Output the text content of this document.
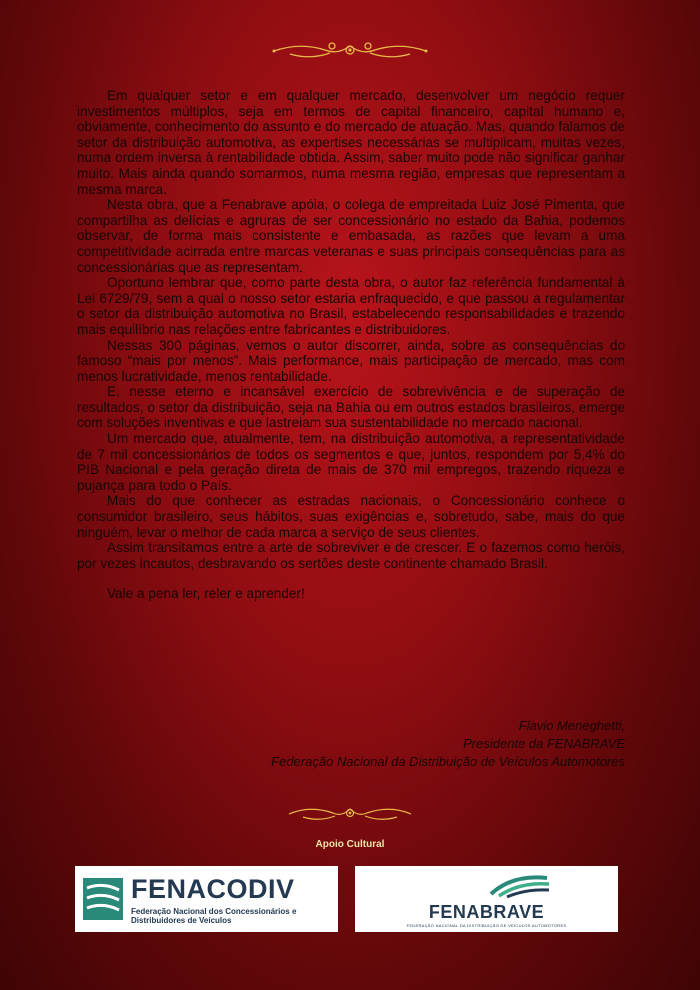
Em qualquer setor e em qualquer mercado, desenvolver um negócio requer investimentos múltiplos, seja em termos de capital financeiro, capital humano e, obviamente, conhecimento do assunto e do mercado de atuação. Mas, quando falamos de setor da distribuição automotiva, as expertises necessárias se multiplicam, muitas vezes, numa ordem inversa à rentabilidade obtida. Assim, saber muito pode não significar ganhar muito. Mais ainda quando somarmos, numa mesma região, empresas que representam a mesma marca.

Nesta obra, que a Fenabrave apóia, o colega de empreitada Luiz José Pimenta, que compartilha as delícias e agruras de ser concessionário no estado da Bahia, podemos observar, de forma mais consistente e embasada, as razões que levam a uma competitividade acirrada entre marcas veteranas e suas principais consequências para as concessionárias que as representam.

Oportuno lembrar que, como parte desta obra, o autor faz referência fundamental à Lei 6729/79, sem a qual o nosso setor estaria enfraquecido, e que passou a regulamentar o setor da distribuição automotiva no Brasil, estabelecendo responsabilidades e trazendo mais equilíbrio nas relações entre fabricantes e distribuidores.

Nessas 300 páginas, vemos o autor discorrer, ainda, sobre as consequências do famoso “mais por menos”. Mais performance, mais participação de mercado, mas com menos lucratividade, menos rentabilidade.

E, nesse eterno e incansável exercício de sobrevivência e de superação de resultados, o setor da distribuição, seja na Bahia ou em outros estados brasileiros, emerge com soluções inventivas e que lastreiam sua sustentabilidade no mercado nacional.

Um mercado que, atualmente, tem, na distribuição automotiva, a representatividade de 7 mil concessionários de todos os segmentos e que, juntos, respondem por 5,4% do PIB Nacional e pela geração direta de mais de 370 mil empregos, trazendo riqueza e pujança para todo o País.

Mais do que conhecer as estradas nacionais, o Concessionário conhece o consumidor brasileiro, seus hábitos, suas exigências e, sobretudo, sabe, mais do que ninguém, levar o melhor de cada marca a serviço de seus clientes.

Assim transitamos entre a arte de sobreviver e de crescer. E o fazemos como heróis, por vezes incautos, desbravando os sertões deste continente chamado Brasil.

Vale a pena ler, reler e aprender!

Flavio Meneghetti,
Presidente da FENABRAVE
Federação Nacional da Distribuição de Veículos Automotores
Apoio Cultural
FENACODIV
Federação Nacional dos Concessionários e
Distribuidores de Veículos	FENABRAVE
FEDERAÇÃO NACIONAL DA DISTRIBUIÇÃO DE VEÍCULOS AUTOMOTORES
